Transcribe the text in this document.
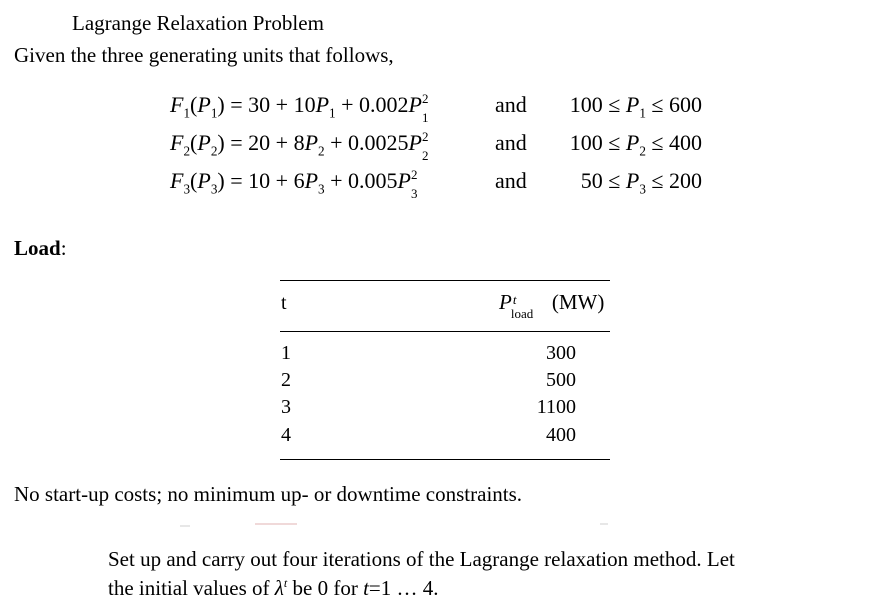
Lagrange Relaxation Problem
Given the three generating units that follows,
$F_1(P_1) = 30 + 10P_1 + 0.002P$ 2
1
and	$100 \le P_1 \le 600$
$F_2(P_2) = 20 + 8P_2 + 0.0025P$ 2
2
and	$100 \le P_2 \le 400$
$F_3(P_3) = 10 + 6P_3 + 0.005P$ 2
3
and	$50 \le P_3 \le 200$
Load:
t	P t
load (MW)
1	300
2	500
3	1100
4	400
No start-up costs; no minimum up- or downtime constraints.
Set up and carry out four iterations of the Lagrange relaxation method. Let
the initial values of $\lambda^t$ be 0 for t=1 … 4.
